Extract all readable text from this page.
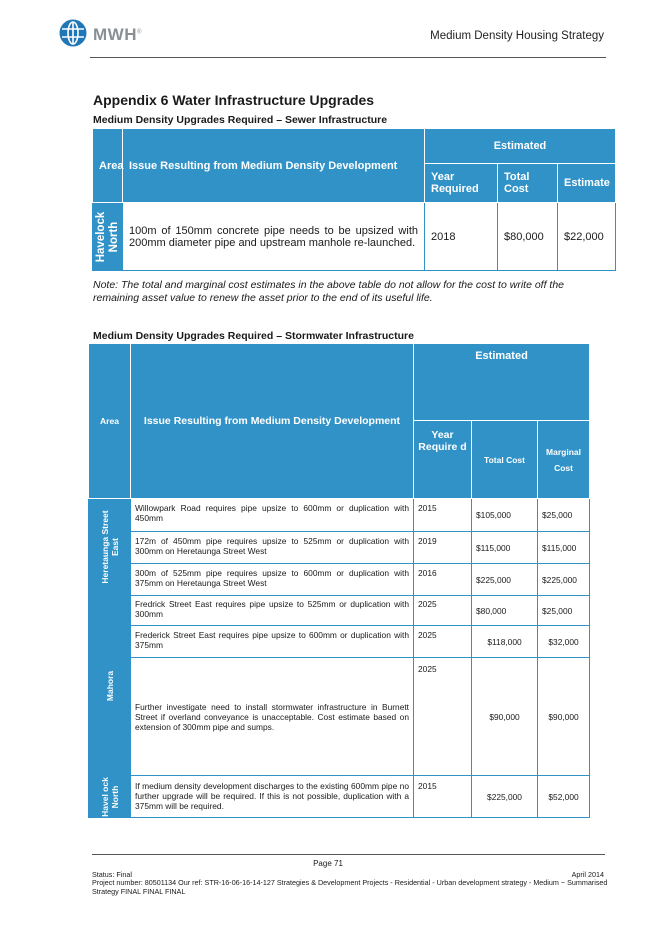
MWH®	Medium Density Housing Strategy
Appendix 6 Water Infrastructure Upgrades
Medium Density Upgrades Required – Sewer Infrastructure
Area	Issue Resulting from Medium Density Development	Estimated		
		Year Required	Total Cost	Estimate

Havelock North	100m of 150mm concrete pipe needs to be upsized with 200mm diameter pipe and upstream manhole re-launched.	2018	$80,000	$22,000
Note: The total and marginal cost estimates in the above table do not allow for the cost to write off the remaining asset value to renew the asset prior to the end of its useful life.
Medium Density Upgrades Required – Stormwater Infrastructure
Area	Issue Resulting from Medium Density Development	Estimated		
		Year Require d	Total Cost	Marginal Cost

Heretaunga Street East	Willowpark Road requires pipe upsize to 600mm or duplication with 450mm	2015	$105,000	$25,000
	172m of 450mm pipe requires upsize to 525mm or duplication with 300mm on Heretaunga Street West	2019	$115,000	$115,000
	300m of 525mm pipe requires upsize to 600mm or duplication with 375mm on Heretaunga Street West	2016	$225,000	$225,000

Mahora	Fredrick Street East requires pipe upsize to 525mm or duplication with 300mm	2025	$80,000	$25,000
	Frederick Street East requires pipe upsize to 600mm or duplication with 375mm	2025	$118,000	$32,000
	Further investigate need to install stormwater infrastructure in Burnett Street if overland conveyance is unacceptable. Cost estimate based on extension of 300mm pipe and sumps.	2025	$90,000	$90,000

Havel ock North	If medium density development discharges to the existing 600mm pipe no further upgrade will be required. If this is not possible, duplication with a 375mm will be required.	2015	$225,000	$52,000
Page 71
Status: Final	April 2014
Project number: 80501134 Our ref: STR-16-06-16-14-127 Strategies & Development Projects - Residential - Urban development strategy - Medium ~ Summarised Strategy FINAL FINAL FINAL
